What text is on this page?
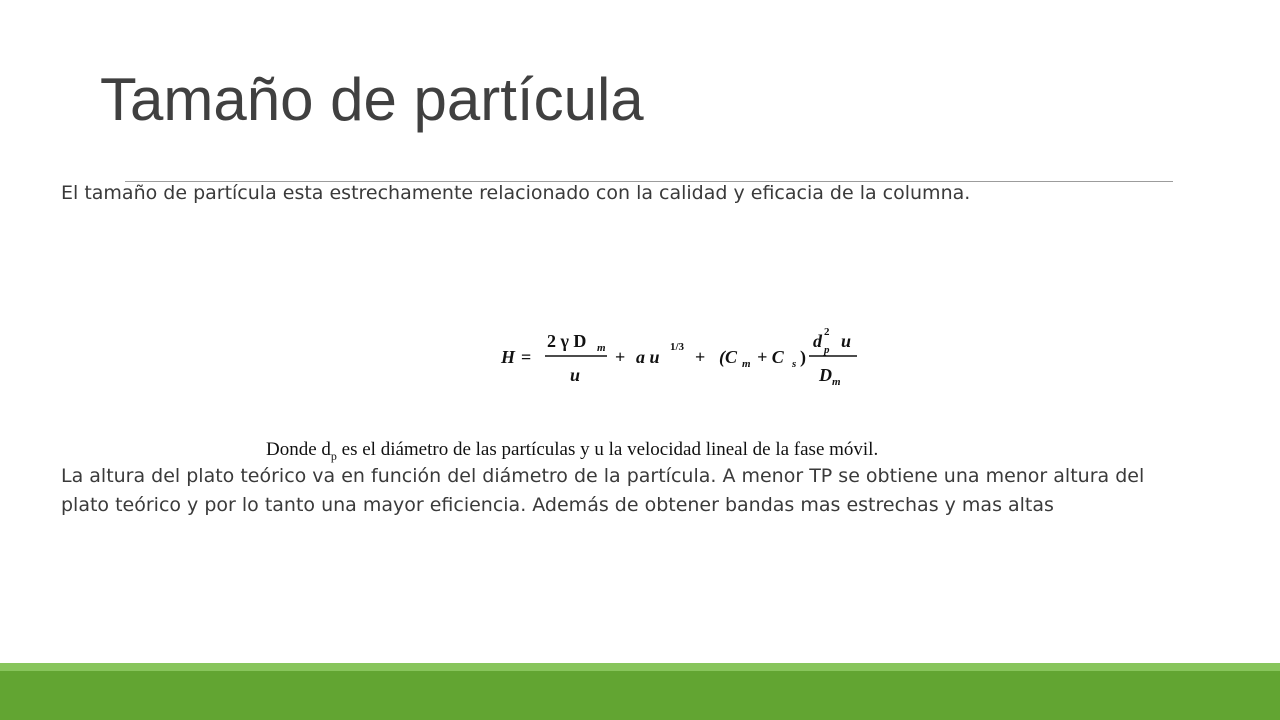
Tamaño de partícula

El tamaño de partícula esta estrechamente relacionado con la calidad y eficacia de la columna.

H =
2 γ D m
u
+ a u 1/3 + (C m + C s )
d 2
p u
D m

Donde $d_p$ es el diámetro de las partículas y u la velocidad lineal de la fase móvil.

La altura del plato teórico va en función del diámetro de la partícula. A menor TP se obtiene una menor altura del plato teórico y por lo tanto una mayor eficiencia. Además de obtener bandas mas estrechas y mas altas
